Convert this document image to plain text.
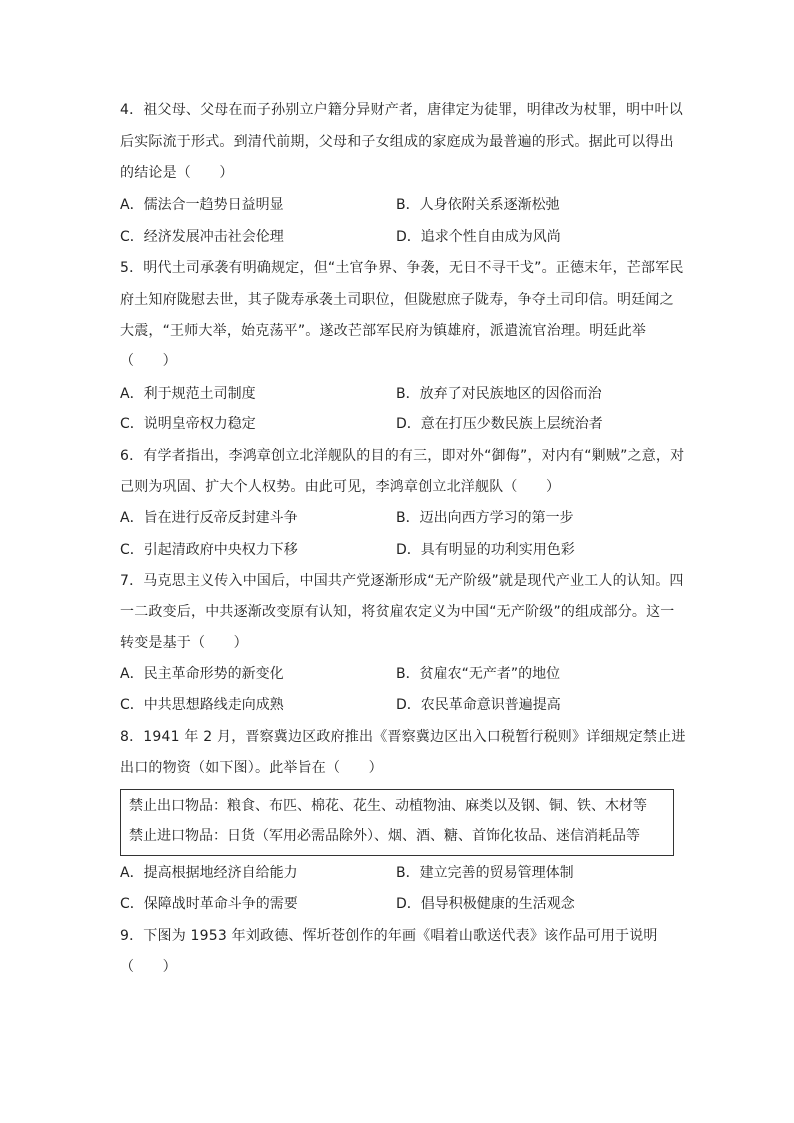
4．祖父母、父母在而子孙别立户籍分异财产者，唐律定为徒罪，明律改为杖罪，明中叶以
后实际流于形式。到清代前期，父母和子女组成的家庭成为最普遍的形式。据此可以得出
的结论是（　　）
A．儒法合一趋势日益明显	B．人身依附关系逐渐松弛
C．经济发展冲击社会伦理	D．追求个性自由成为风尚
5．明代土司承袭有明确规定，但“土官争界、争袭，无日不寻干戈”。正德末年，芒部军民
府土知府陇慰去世，其子陇寿承袭土司职位，但陇慰庶子陇寿，争夺土司印信。明廷闻之
大震，“王师大举，始克荡平”。遂改芒部军民府为镇雄府，派遣流官治理。明廷此举
（　　）
A．利于规范土司制度	B．放弃了对民族地区的因俗而治
C．说明皇帝权力稳定	D．意在打压少数民族上层统治者
6．有学者指出，李鸿章创立北洋舰队的目的有三，即对外“御侮”，对内有“剿贼”之意，对
己则为巩固、扩大个人权势。由此可见，李鸿章创立北洋舰队（　　）
A．旨在进行反帝反封建斗争	B．迈出向西方学习的第一步
C．引起清政府中央权力下移	D．具有明显的功利实用色彩
7．马克思主义传入中国后，中国共产党逐渐形成“无产阶级”就是现代产业工人的认知。四
一二政变后，中共逐渐改变原有认知，将贫雇农定义为中国“无产阶级”的组成部分。这一
转变是基于（　　）
A．民主革命形势的新变化	B．贫雇农“无产者”的地位
C．中共思想路线走向成熟	D．农民革命意识普遍提高
8．1941 年 2 月，晋察冀边区政府推出《晋察冀边区出入口税暂行税则》详细规定禁止进
出口的物资（如下图）。此举旨在（　　）
禁止出口物品：粮食、布匹、棉花、花生、动植物油、麻类以及钢、铜、铁、木材等
禁止进口物品：日货（军用必需品除外）、烟、酒、糖、首饰化妆品、迷信消耗品等
A．提高根据地经济自给能力	B．建立完善的贸易管理体制
C．保障战时革命斗争的需要	D．倡导积极健康的生活观念
9．下图为 1953 年刘政德、恽圻苍创作的年画《唱着山歌送代表》该作品可用于说明
（　　）
